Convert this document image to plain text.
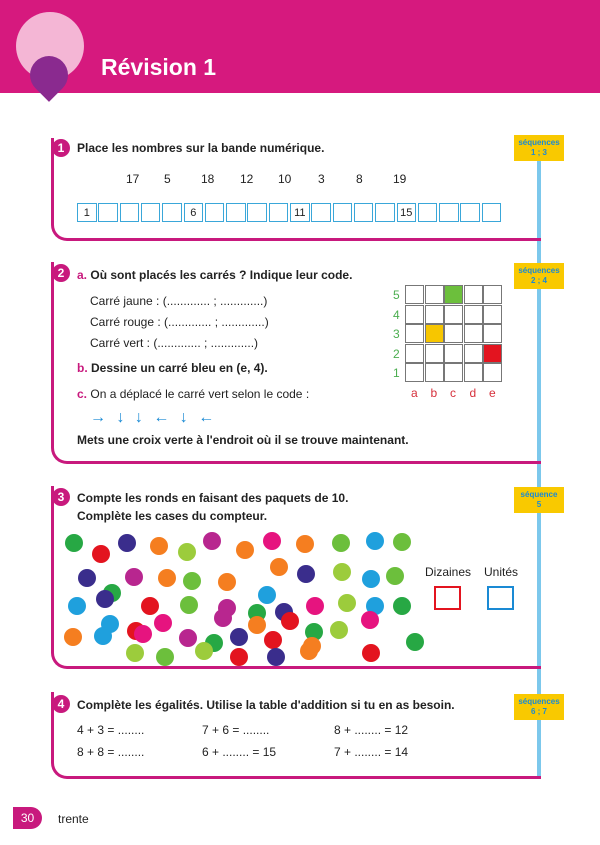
Révision 1
1	Place les nombres sur la bande numérique.	séquences
1 ; 3
17 5	18 12 10 3	8	19
1	6	11	15
2	a. Où sont placés les carrés ? Indique leur code.
Carré jaune : (............. ; .............)
Carré rouge : (............. ; .............)
Carré vert : (............. ; .............)
b. Dessine un carré bleu en (e, 4).
c. On a déplacé le carré vert selon le code :
→ ↓ ↓ ← ↓ ←
Mets une croix verte à l'endroit où il se trouve maintenant.
séquences
2 ; 4
5
4
3
2
1
a b c d e
3	Compte les ronds en faisant des paquets de 10.
Complète les cases du compteur.
séquence
5
Dizaines Unités
4	Complète les égalités. Utilise la table d'addition si tu en as besoin.	séquences
6 ; 7
4 + 3 = ........	7 + 6 = ........	8 + ........ = 12
8 + 8 = ........	6 + ........ = 15	7 + ........ = 14
30	trente
